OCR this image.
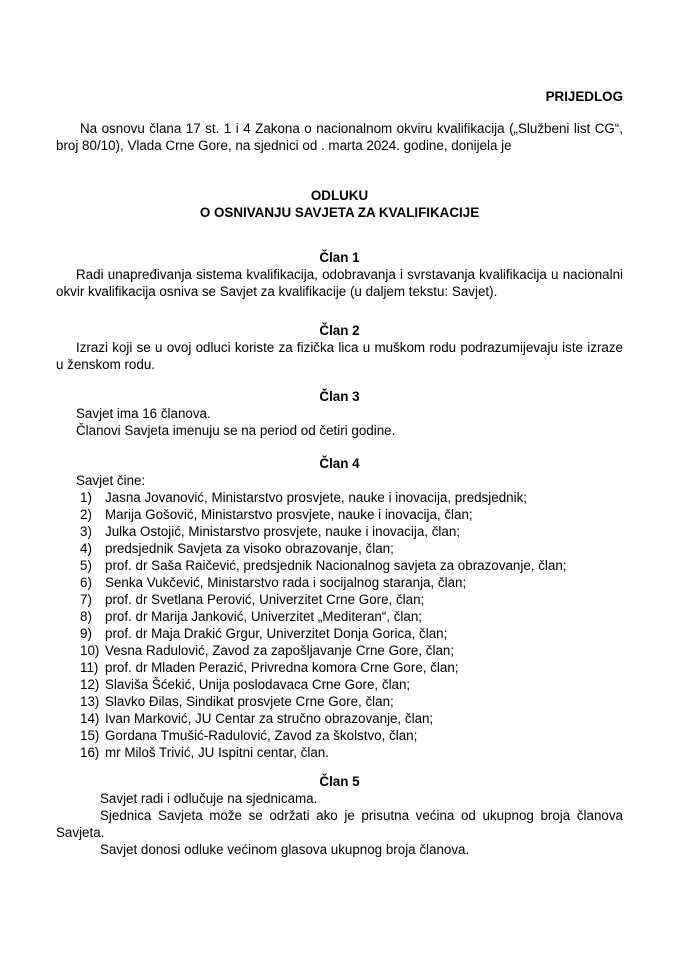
PRIJEDLOG

Na osnovu člana 17 st. 1 i 4 Zakona o nacionalnom okviru kvalifikacija („Službeni list CG“, broj 80/10), Vlada Crne Gore, na sjednici od . marta 2024. godine, donijela je

ODLUKU
O OSNIVANJU SAVJETA ZA KVALIFIKACIJE
Član 1

Radi unapređivanja sistema kvalifikacija, odobravanja i svrstavanja kvalifikacija u nacionalni okvir kvalifikacija osniva se Savjet za kvalifikacije (u daljem tekstu: Savjet).

Član 2

Izrazi koji se u ovoj odluci koriste za fizička lica u muškom rodu podrazumijevaju iste izraze u ženskom rodu.

Član 3

Savjet ima 16 članova.

Članovi Savjeta imenuju se na period od četiri godine.

Član 4

Savjet čine:

1) Jasna Jovanović, Ministarstvo prosvjete, nauke i inovacija, predsjednik;
2) Marija Gošović, Ministarstvo prosvjete, nauke i inovacija, član;
3) Julka Ostojić, Ministarstvo prosvjete, nauke i inovacija, član;
4) predsjednik Savjeta za visoko obrazovanje, član;
5) prof. dr Saša Raičević, predsjednik Nacionalnog savjeta za obrazovanje, član;
6) Senka Vukčević, Ministarstvo rada i socijalnog staranja, član;
7) prof. dr Svetlana Perović, Univerzitet Crne Gore, član;
8) prof. dr Marija Janković, Univerzitet „Mediteran“, član;
9) prof. dr Maja Drakić Grgur, Univerzitet Donja Gorica, član;
10) Vesna Radulović, Zavod za zapošljavanje Crne Gore, član;
11) prof. dr Mladen Perazić, Privredna komora Crne Gore, član;
12) Slaviša Šćekić, Unija poslodavaca Crne Gore, član;
13) Slavko Đilas, Sindikat prosvjete Crne Gore, član;
14) Ivan Marković, JU Centar za stručno obrazovanje, član;
15) Gordana Tmušić-Radulović, Zavod za školstvo, član;
16) mr Miloš Trivić, JU Ispitni centar, član.
Član 5

Savjet radi i odlučuje na sjednicama.

Sjednica Savjeta može se održati ako je prisutna većina od ukupnog broja članova Savjeta.

Savjet donosi odluke većinom glasova ukupnog broja članova.
